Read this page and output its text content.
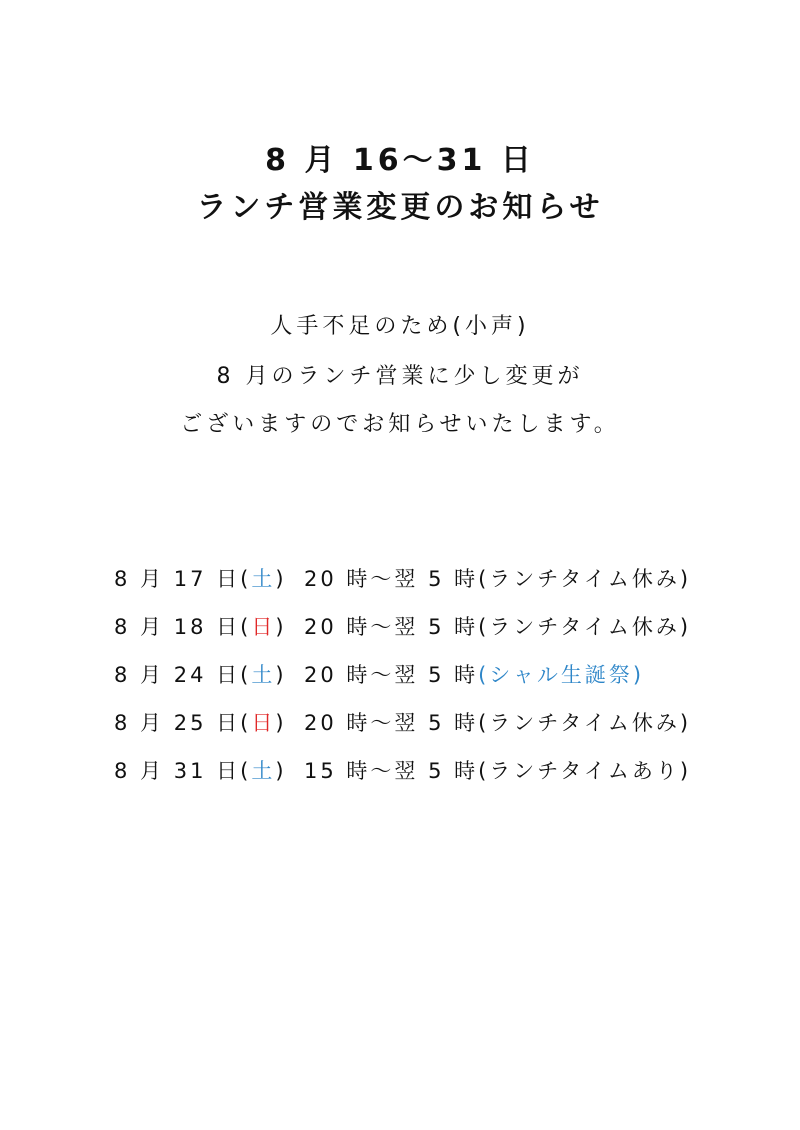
8 月 16〜31 日
ランチ営業変更のお知らせ
人手不足のため(小声)
8 月のランチ営業に少し変更が
ございますのでお知らせいたします。
8 月 17 日(土) 20 時〜翌 5 時(ランチタイム休み)
8 月 18 日(日) 20 時〜翌 5 時(ランチタイム休み)
8 月 24 日(土) 20 時〜翌 5 時(シャル生誕祭)
8 月 25 日(日) 20 時〜翌 5 時(ランチタイム休み)
8 月 31 日(土) 15 時〜翌 5 時(ランチタイムあり)
